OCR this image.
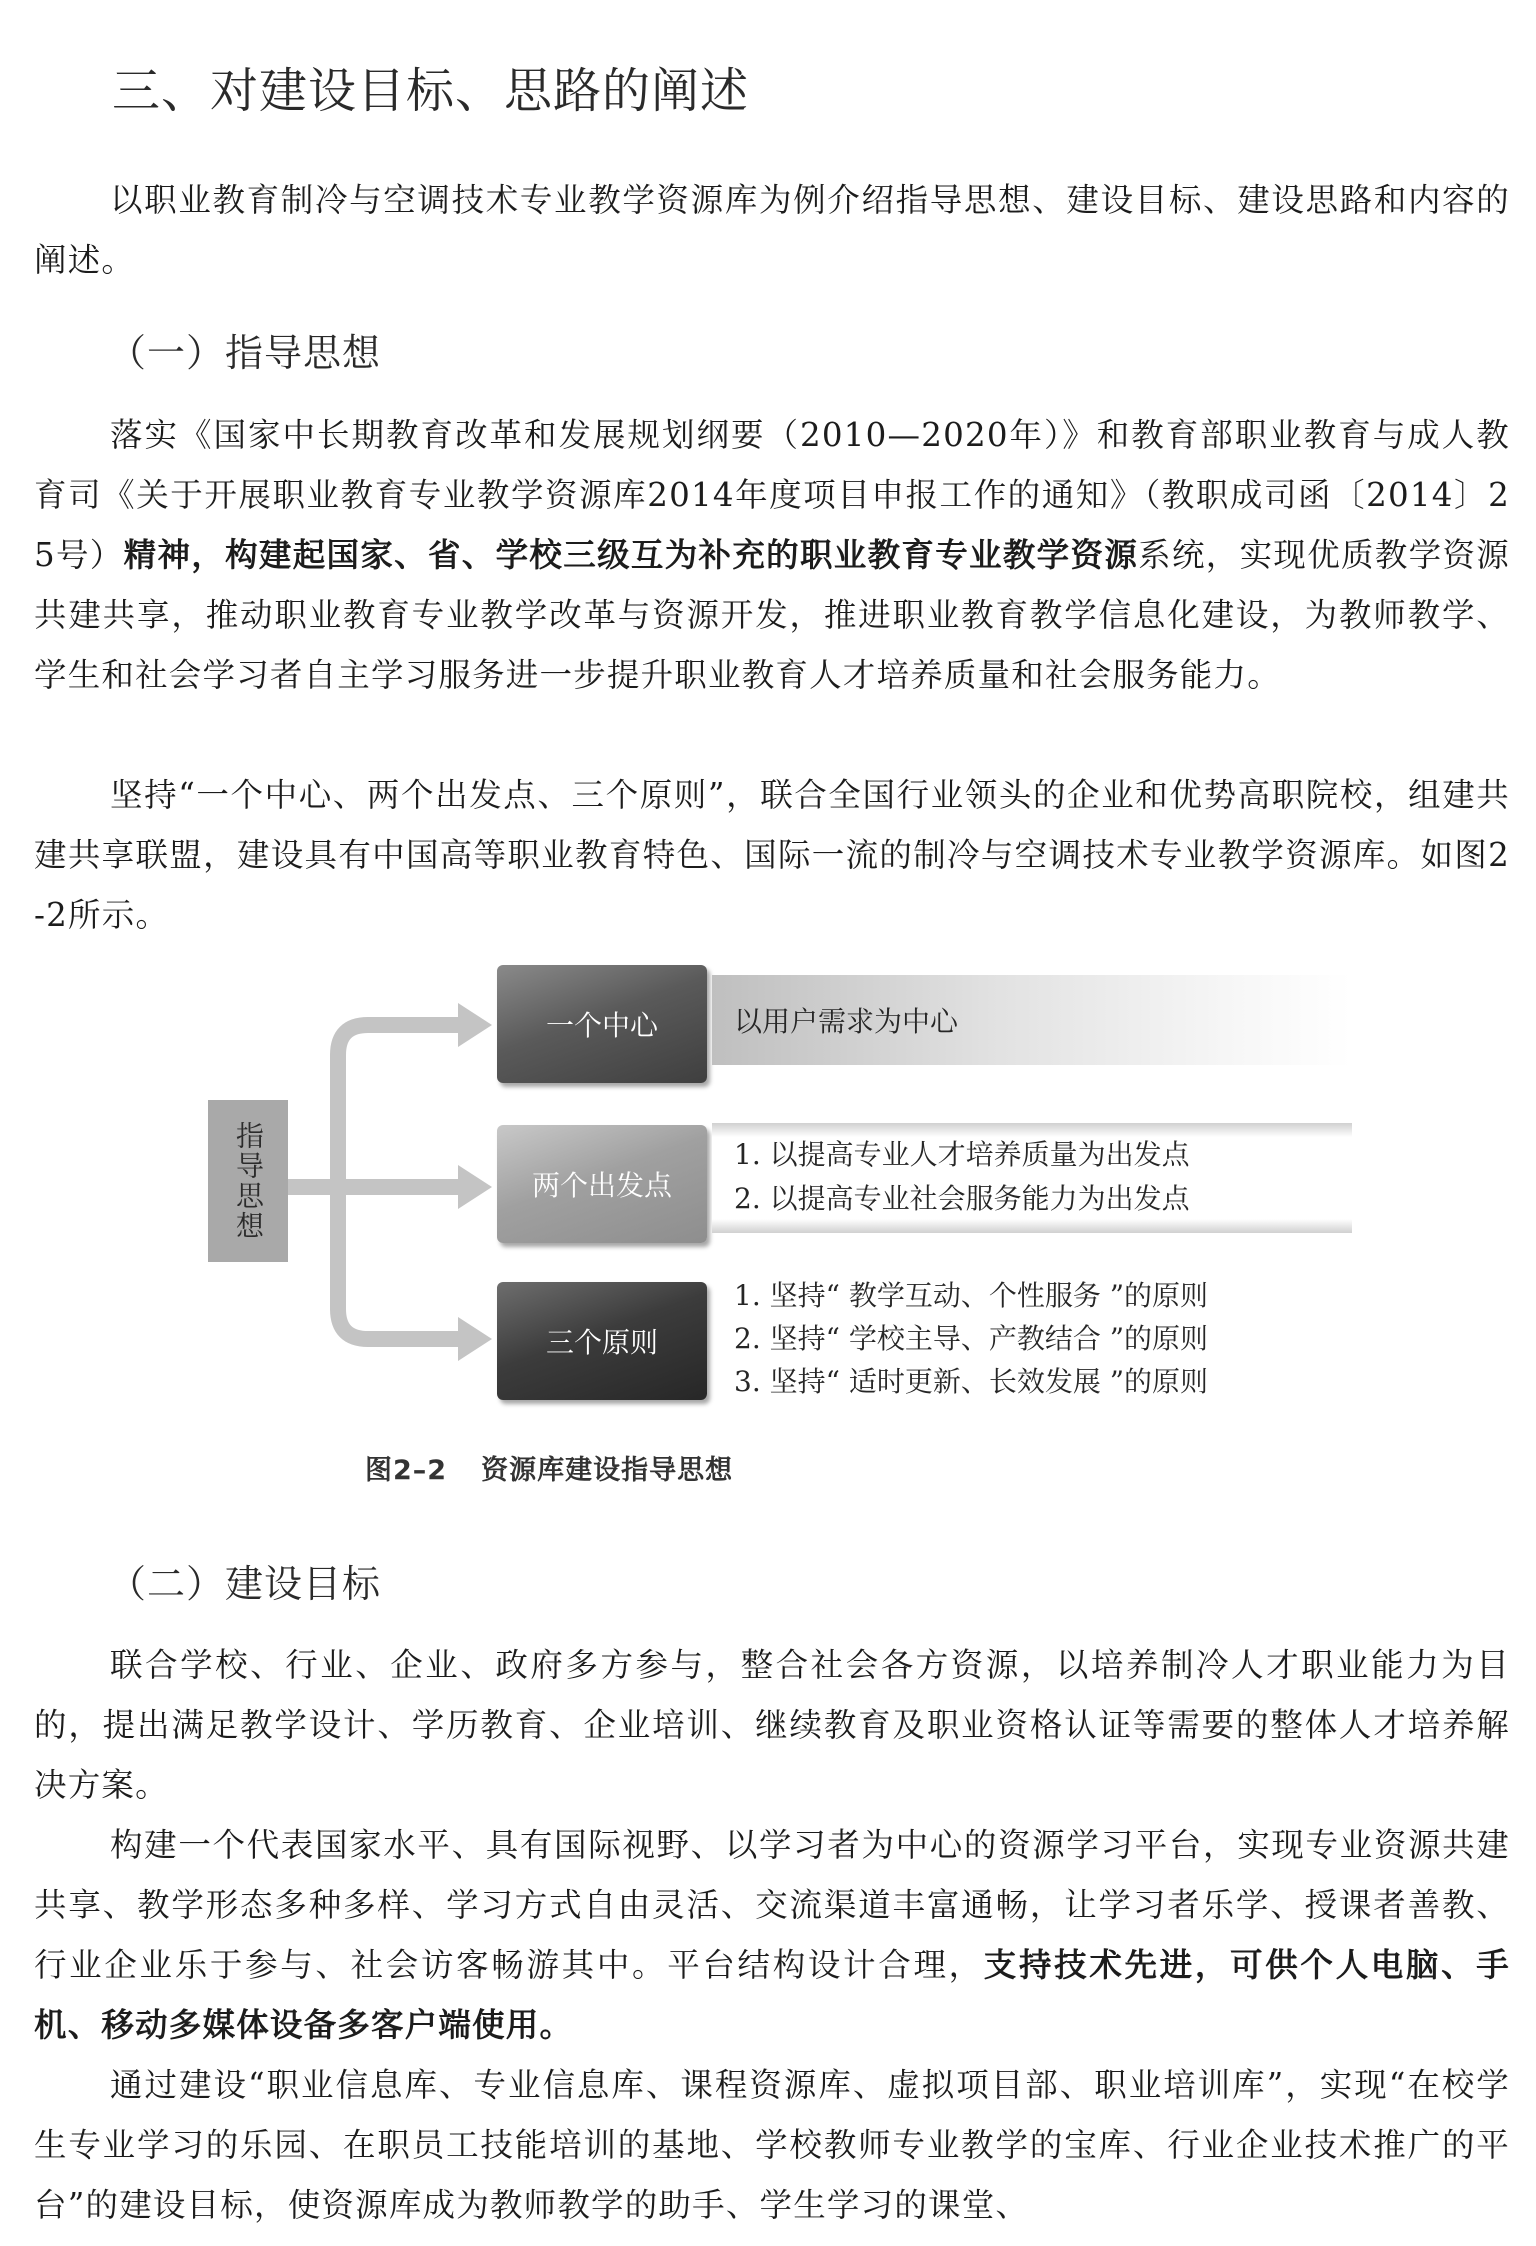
三、对建设目标、思路的阐述

以职业教育制冷与空调技术专业教学资源库为例介绍指导思想、建设目标、建设思路和内容的阐述。

（一）指导思想

落实《国家中长期教育改革和发展规划纲要（2010—2020年）》和教育部职业教育与成人教育司《关于开展职业教育专业教学资源库2014年度项目申报工作的通知》（教职成司函〔2014〕25号）精神，构建起国家、省、学校三级互为补充的职业教育专业教学资源系统，实现优质教学资源共建共享，推动职业教育专业教学改革与资源开发，推进职业教育教学信息化建设，为教师教学、学生和社会学习者自主学习服务进一步提升职业教育人才培养质量和社会服务能力。

坚持“一个中心、两个出发点、三个原则”，联合全国行业领头的企业和优势高职院校，组建共建共享联盟，建设具有中国高等职业教育特色、国际一流的制冷与空调技术专业教学资源库。如图2-2所示。

指导思想
一个中心	以用户需求为中心
两个出发点
1. 以提高专业人才培养质量为出发点
2. 以提高专业社会服务能力为出发点
三个原则
1. 坚持“ 教学互动、个性服务 ”的原则
2. 坚持“ 学校主导、产教结合 ”的原则
3. 坚持“ 适时更新、长效发展 ”的原则

图2–2 资源库建设指导思想

（二）建设目标

联合学校、行业、企业、政府多方参与，整合社会各方资源，以培养制冷人才职业能力为目的，提出满足教学设计、学历教育、企业培训、继续教育及职业资格认证等需要的整体人才培养解决方案。

构建一个代表国家水平、具有国际视野、以学习者为中心的资源学习平台，实现专业资源共建共享、教学形态多种多样、学习方式自由灵活、交流渠道丰富通畅，让学习者乐学、授课者善教、行业企业乐于参与、社会访客畅游其中。平台结构设计合理，支持技术先进，可供个人电脑、手机、移动多媒体设备多客户端使用。

通过建设“职业信息库、专业信息库、课程资源库、虚拟项目部、职业培训库”，实现“在校学生专业学习的乐园、在职员工技能培训的基地、学校教师专业教学的宝库、行业企业技术推广的平台”的建设目标，使资源库成为教师教学的助手、学生学习的课堂、
